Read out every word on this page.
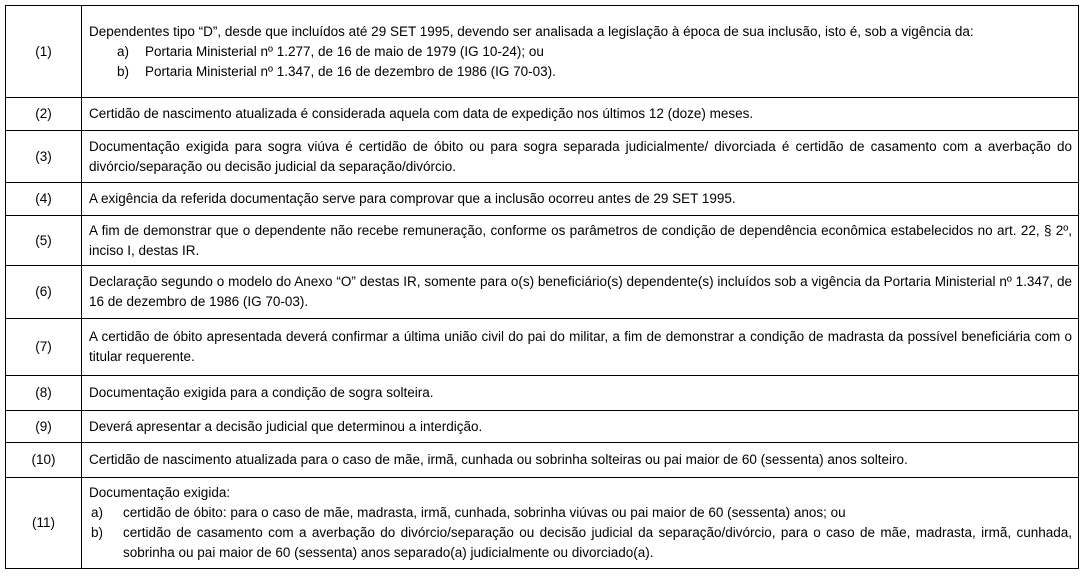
(1)	Dependentes tipo “D”, desde que incluídos até 29 SET 1995, devendo ser analisada a legislação à época de sua inclusão, isto é, sob a vigência da:
a) Portaria Ministerial nº 1.277, de 16 de maio de 1979 (IG 10-24); ou
b) Portaria Ministerial nº 1.347, de 16 de dezembro de 1986 (IG 70-03).

(2)	Certidão de nascimento atualizada é considerada aquela com data de expedição nos últimos 12 (doze) meses.
(3)	Documentação exigida para sogra viúva é certidão de óbito ou para sogra separada judicialmente/ divorciada é certidão de casamento com a averbação do divórcio/separação ou decisão judicial da separação/divórcio.
(4)	A exigência da referida documentação serve para comprovar que a inclusão ocorreu antes de 29 SET 1995.
(5)	A fim de demonstrar que o dependente não recebe remuneração, conforme os parâmetros de condição de dependência econômica estabelecidos no art. 22, § 2º, inciso I, destas IR.
(6)	Declaração segundo o modelo do Anexo “O” destas IR, somente para o(s) beneficiário(s) dependente(s) incluídos sob a vigência da Portaria Ministerial nº 1.347, de 16 de dezembro de 1986 (IG 70-03).
(7)	A certidão de óbito apresentada deverá confirmar a última união civil do pai do militar, a fim de demonstrar a condição de madrasta da possível beneficiária com o titular requerente.
(8)	Documentação exigida para a condição de sogra solteira.
(9)	Deverá apresentar a decisão judicial que determinou a interdição.
(10)	Certidão de nascimento atualizada para o caso de mãe, irmã, cunhada ou sobrinha solteiras ou pai maior de 60 (sessenta) anos solteiro.
(11)	Documentação exigida:
a) certidão de óbito: para o caso de mãe, madrasta, irmã, cunhada, sobrinha viúvas ou pai maior de 60 (sessenta) anos; ou
b) certidão de casamento com a averbação do divórcio/separação ou decisão judicial da separação/divórcio, para o caso de mãe, madrasta, irmã, cunhada, sobrinha ou pai maior de 60 (sessenta) anos separado(a) judicialmente ou divorciado(a).
